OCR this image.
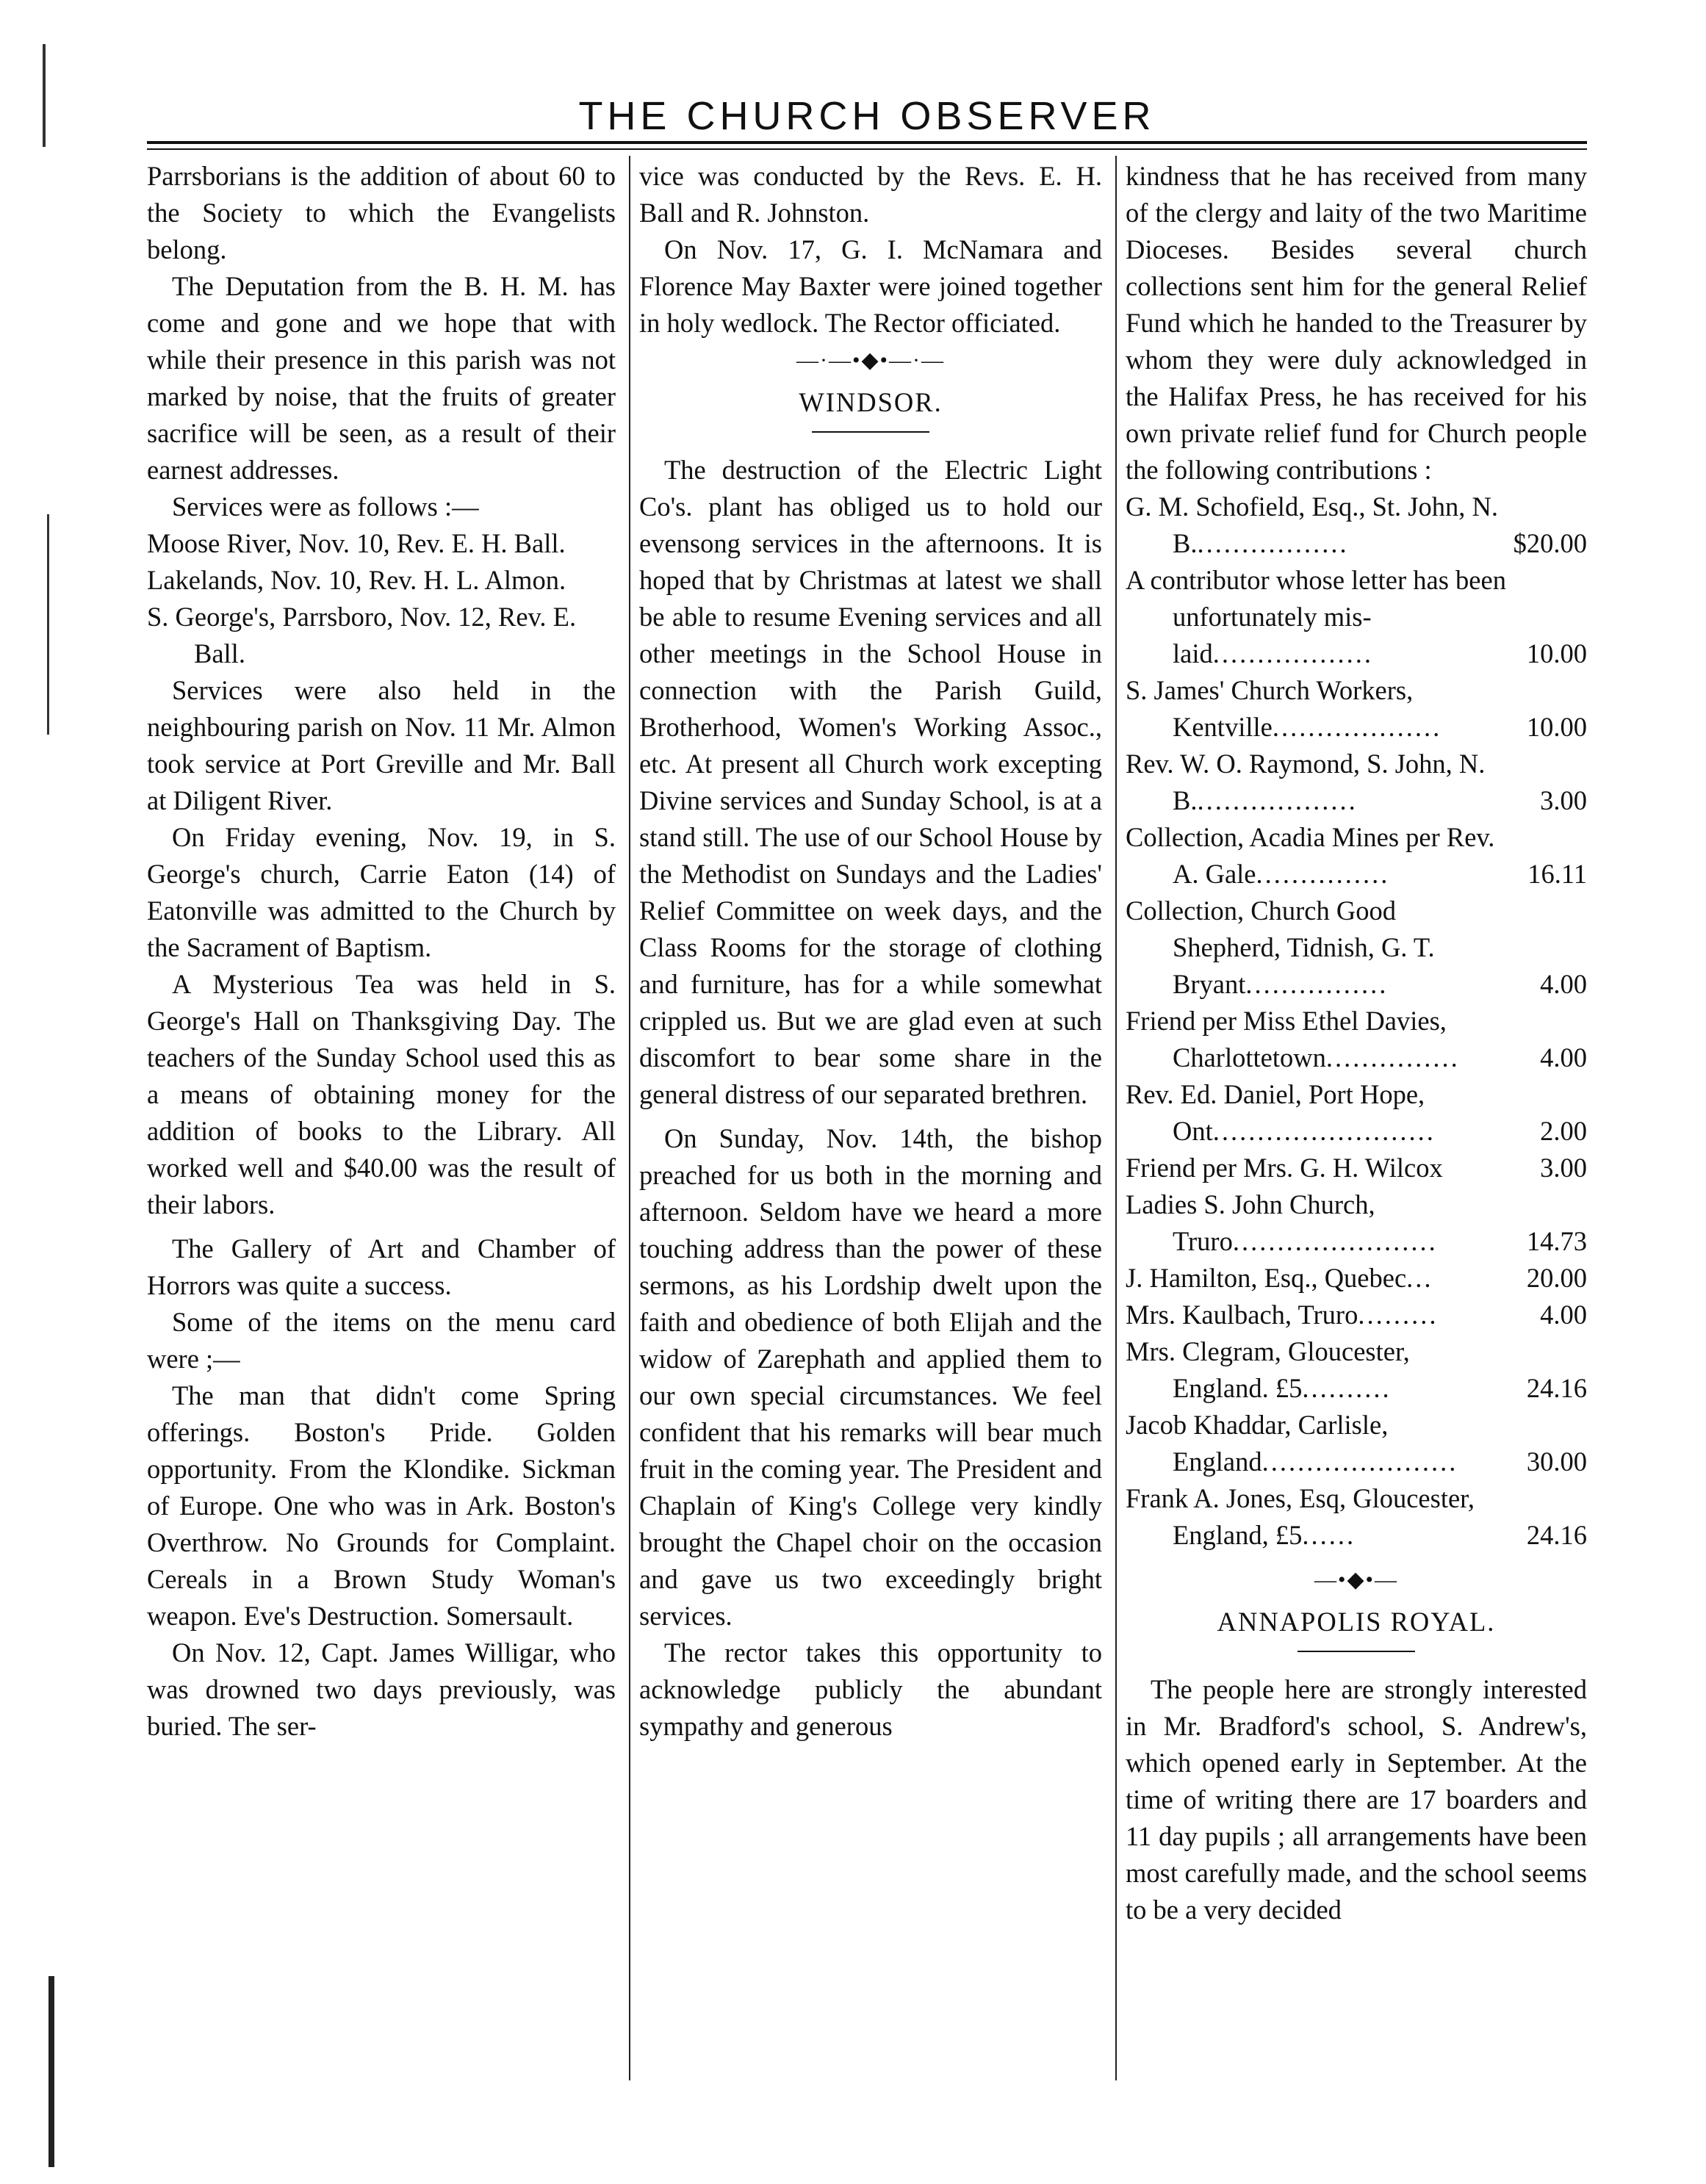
THE CHURCH OBSERVER

Parrsborians is the addition of about 60 to the Society to which the Evangelists belong.

The Deputation from the B. H. M. has come and gone and we hope that with while their presence in this parish was not marked by noise, that the fruits of greater sacrifice will be seen, as a result of their earnest addresses.

Services were as follows :—

Moose River, Nov. 10, Rev. E. H. Ball.

Lakelands, Nov. 10, Rev. H. L. Almon.

S. George's, Parrsboro, Nov. 12, Rev. E. Ball.

Services were also held in the neighbouring parish on Nov. 11 Mr. Almon took service at Port Greville and Mr. Ball at Diligent River.

On Friday evening, Nov. 19, in S. George's church, Carrie Eaton (14) of Eatonville was admitted to the Church by the Sacrament of Baptism.

A Mysterious Tea was held in S. George's Hall on Thanksgiving Day. The teachers of the Sunday School used this as a means of obtaining money for the addition of books to the Library. All worked well and $40.00 was the result of their labors.

The Gallery of Art and Chamber of Horrors was quite a success.

Some of the items on the menu card were ;—

The man that didn't come Spring offerings. Boston's Pride. Golden opportunity. From the Klondike. Sickman of Europe. One who was in Ark. Boston's Overthrow. No Grounds for Complaint. Cereals in a Brown Study Woman's weapon. Eve's Destruction. Somersault.

On Nov. 12, Capt. James Willigar, who was drowned two days previously, was buried. The ser-

vice was conducted by the Revs. E. H. Ball and R. Johnston.

On Nov. 17, G. I. McNamara and Florence May Baxter were joined together in holy wedlock. The Rector officiated.

—·—•◆•—·—
WINDSOR.

The destruction of the Electric Light Co's. plant has obliged us to hold our evensong services in the afternoons. It is hoped that by Christmas at latest we shall be able to resume Evening services and all other meetings in the School House in connection with the Parish Guild, Brotherhood, Women's Working Assoc., etc. At present all Church work excepting Divine services and Sunday School, is at a stand still. The use of our School House by the Methodist on Sundays and the Ladies' Relief Committee on week days, and the Class Rooms for the storage of clothing and furniture, has for a while somewhat crippled us. But we are glad even at such discomfort to bear some share in the general distress of our separated brethren.

On Sunday, Nov. 14th, the bishop preached for us both in the morning and afternoon. Seldom have we heard a more touching address than the power of these sermons, as his Lordship dwelt upon the faith and obedience of both Elijah and the widow of Zarephath and applied them to our own special circumstances. We feel confident that his remarks will bear much fruit in the coming year. The President and Chaplain of King's College very kindly brought the Chapel choir on the occasion and gave us two exceedingly bright services.

The rector takes this opportunity to acknowledge publicly the abundant sympathy and generous

kindness that he has received from many of the clergy and laity of the two Maritime Dioceses. Besides several church collections sent him for the general Relief Fund which he handed to the Treasurer by whom they were duly acknowledged in the Halifax Press, he has received for his own private relief fund for Church people the following contributions :

G. M. Schofield, Esq., St. John, N. B..................	$20.00
A contributor whose letter has been unfortunately mis-laid..................	10.00
S. James' Church Workers, Kentville...................	10.00
Rev. W. O. Raymond, S. John, N. B...................	3.00
Collection, Acadia Mines per Rev. A. Gale...............	16.11
Collection, Church Good Shepherd, Tidnish, G. T. Bryant................	4.00
Friend per Miss Ethel Davies, Charlottetown...............	4.00
Rev. Ed. Daniel, Port Hope, Ont.........................	2.00
Friend per Mrs. G. H. Wilcox	3.00
Ladies S. John Church, Truro.......................	14.73
J. Hamilton, Esq., Quebec...	20.00
Mrs. Kaulbach, Truro.........	4.00
Mrs. Clegram, Gloucester, England. £5..........	24.16
Jacob Khaddar, Carlisle, England......................	30.00
Frank A. Jones, Esq, Gloucester, England, £5......	24.16
—•◆•—
ANNAPOLIS ROYAL.

The people here are strongly interested in Mr. Bradford's school, S. Andrew's, which opened early in September. At the time of writing there are 17 boarders and 11 day pupils ; all arrangements have been most carefully made, and the school seems to be a very decided
